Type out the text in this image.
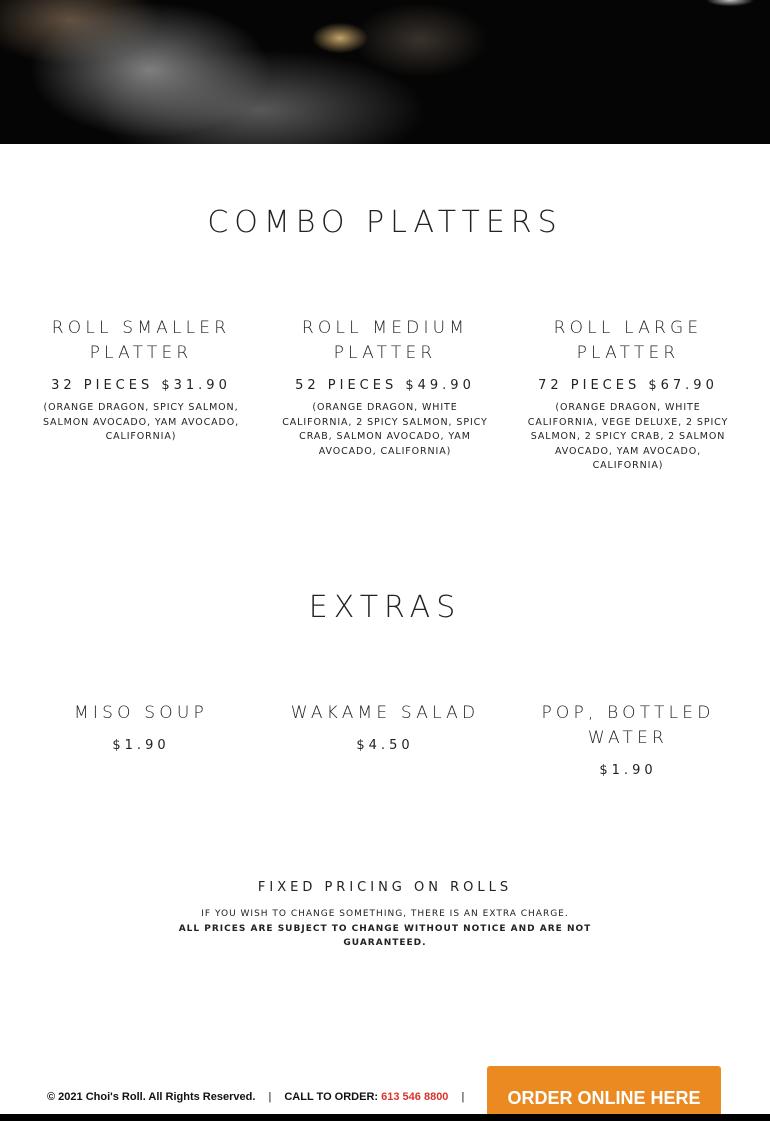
COMBO PLATTERS
ROLL SMALLER PLATTER
32 PIECES $31.90
(ORANGE DRAGON, SPICY SALMON, SALMON AVOCADO, YAM AVOCADO, CALIFORNIA)
ROLL MEDIUM PLATTER
52 PIECES $49.90
(ORANGE DRAGON, WHITE CALIFORNIA, 2 SPICY SALMON, SPICY CRAB, SALMON AVOCADO, YAM AVOCADO, CALIFORNIA)
ROLL LARGE PLATTER
72 PIECES $67.90
(ORANGE DRAGON, WHITE CALIFORNIA, VEGE DELUXE, 2 SPICY SALMON, 2 SPICY CRAB, 2 SALMON AVOCADO, YAM AVOCADO, CALIFORNIA)
EXTRAS
MISO SOUP
$1.90
WAKAME SALAD
$4.50
POP, BOTTLED WATER
$1.90
FIXED PRICING ON ROLLS
IF YOU WISH TO CHANGE SOMETHING, THERE IS AN EXTRA CHARGE.
ALL PRICES ARE SUBJECT TO CHANGE WITHOUT NOTICE AND ARE NOT GUARANTEED.
© 2021 Choi's Roll. All Rights Reserved. | CALL TO ORDER: 613 546 8800 |	ORDER ONLINE HERE
